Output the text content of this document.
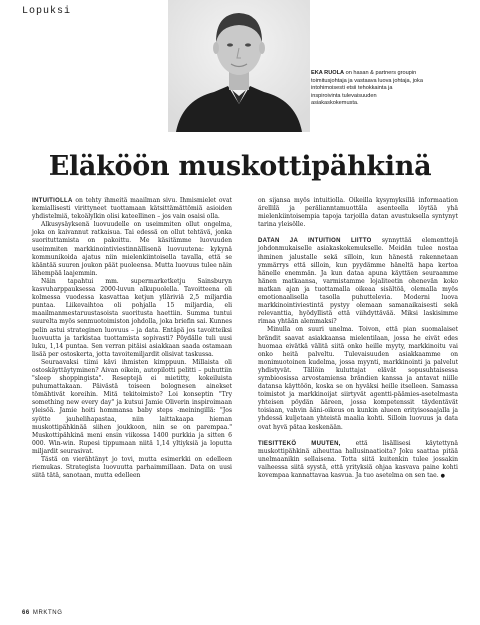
Lopuksi
EKA RUOLA on hasan & partners groupin toimitusjohtaja ja vastaava luova johtaja, joka intohimoisesti etsii tehokkainta ja inspiroivinta tulevaisuuden asiakaskokemusta.
Eläköön muskottipähkinä

INTUITIOLLA on tehty ihmeitä maailman sivu. Ihmismielet ovat kemiallisesti virittyneet tuottamaan kätsittämättömiä asioiden yhdistelmiä, tekoälylkin olisi kateellinen – jos vain osaisi olla.

Alkusysäyksenä luovuudelle on useimmiten ollut ongelma, joka on kaivannut ratkaisua. Tai edessä on ollut tehtävä, jonka suorituttamista on pakoittu. Me käsitämme luovuuden useimmiten markkinointiviestinnällisenä luovuutena: kykynä kommunikoida ajatus niin mielenkiintoisella tavalla, että se kääntää suuren joukon päät puoleensa. Mutta luovuus tulee näin lähempää laajemmin.

Näin tapahtui mm. supermarketketju Sainsburyn kasvuharppauksessa 2000-luvun alkupuolella. Tavoitteena oli kolmessa vuodessa kasvattaa ketjun ylläriviä 2,5 miljardia puntaa. Liikevaihtoa oli pohjalla 15 miljardia, eli maailmanmestaruustasoista suoritusta haettiin. Summa tuntui suurelta myös senmuotoimiston johdolla, joka briefin sai. Kunnes pelin astui strateginen luovuus – ja data. Entäpä jos tavoitteiksi luovuutta ja tarkistaa tuottamista sopivasti? Pöydälle tuli uusi luku, 1,14 puntaa. Sen verran pitäisi asiakkaan saada ostamaan lisää per ostoskerta, jotta tavoitemiljardit olisivat taskussa.

Seuraavaksi tiimi kävi ihmisten kimppuun. Millaista oli ostoskäyttäytyminen? Aivan oikein, autopilotti pelitti – puhuttiin "sleep shoppingista". Reseptejä ei mietitty, kokeiluista puhumattakaan. Päivästä toiseen bolognesen ainekset tömähtivät koreihin. Mitä tekitoimisto? Loi konseptin "Try something new every day" ja kutsui Jamie Oliverin inspiroimaan yleisöä. Jamie hoiti hommansa baby steps -meiningillä: "Jos syötte jauhelihapastaa, niin laittakaapa hieman muskottipähkinää siihen joukkoon, niin se on parempaa." Muskottipähkinä meni ensin viikossa 1400 purkkia ja sitten 6 000. Win-win. Rupesi tippumaan niitä 1,14 yltiyksiä ja loputta miljardit seurasivat.

Tästä on vierähtänyt jo tovi, mutta esimerkki on edelleen riemukas. Strategista luovuutta parhaimmillaan. Data on uusi siitä tätä, sanotaan, mutta edelleen

on sijansa myös intuitiolla. Oikeilla kysymyksillä informaation ärellilä ja perälianntamuottäla asenteella löytää yhä mielenkiintoisempia tapoja tarjoilla datan avustuksella syntynyt tarina yleisölle.

DATAN JA INTUITION LIITTO synnyttää elementtejä johdonmukaiselle asiakaskokemukselle. Meidän tulee nostaa ihminen jalustalle sekä silloin, kun hänestä rakennetaan ymmärrys että silloin, kun pyydämme häneltä hapa kertoa hänelle enemmän. Ja kun dataa apuna käyttäen seuraamme hänen matkaansa, varmistamme lojaliteetin ohenevän koko matkan ajan ja tuottamalla oikeaa sisältöä, olemalla myös emotionaalisella tasolla puhuttelevia. Moderni luova markkinointiviestintä pystyy olemaan samanaikaisesti sekä relevanttia, hyödyllistä että viihdyttävää. Miksi laskisimme rimaa yhtään alemmaksi?

Minulla on suuri unelma. Toivon, että pian suomalaiset brändit saavat asiakkaansa mielentilaan, jossa he eivät edes huomaa eivätkä välitä siitä onko heille myyty, markkinoitu vai onko heitä palveltu. Tulevaisuuden asiakkaamme on monimuotoinen kudelma, jossa myynti, markkinointi ja palvelut yhdistyvät. Tällöin kuluttajat elävät sopusuhtaisessa symbioosissa arvostamiensa brändien kanssa ja antavat niille datansa käyttöön, koska se on hyväksi heille itselleen. Samassa toimistot ja markkinoijat siirtyvät agentti-päämies-asetelmasta yhteisen pöydän ääreen, jossa kompetenssit täydentävät toisiaan, vahvin ääni-oikeus on kunkin alueen erityisosaajalla ja yhdessä kuljetaan yhteistä maalia kohti. Silloin luovuus ja data ovat hyvä pätaa keskenään.

TIESITTEKÖ MUUTEN, että lisällisesi käytettynä muskottipähkinä aiheuttaa hallusinaatioita? Joku saattaa pitää unelmaanikin sellaisena. Totta siitä kuitenkin tulee jossakin vaiheessa siitä syystä, että yrityksiä ohjaa kasvava paine kohti kovempaa kannattavaa kasvua. Ja tuo asetelma on sen tae. ●

66 MRKTNG
